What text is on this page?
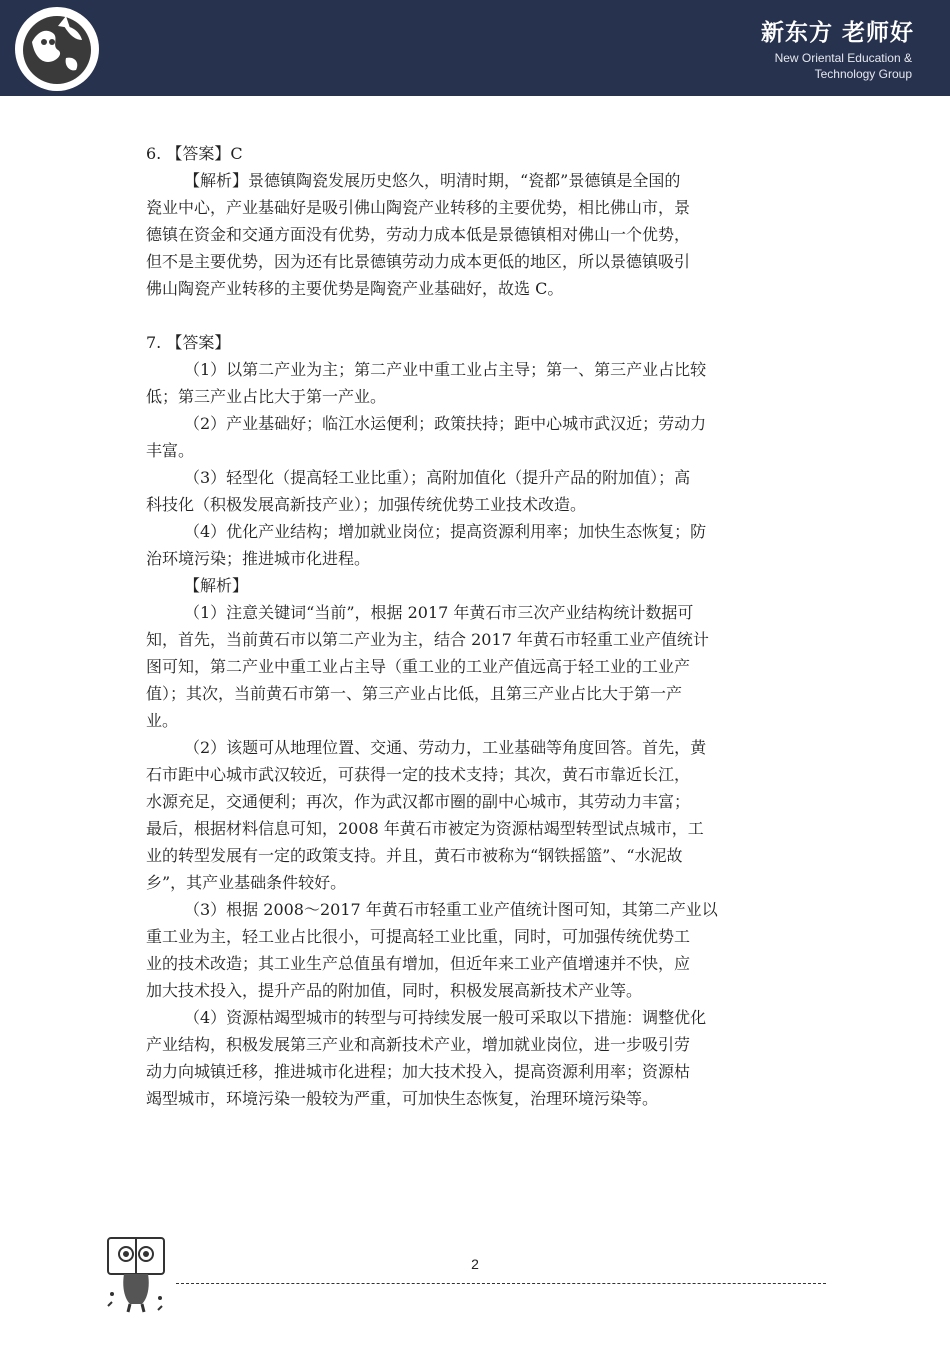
新东方 老师好
New Oriental Education &
Technology Group

6. 【答案】C

【解析】景德镇陶瓷发展历史悠久，明清时期，“瓷都”景德镇是全国的

瓷业中心，产业基础好是吸引佛山陶瓷产业转移的主要优势，相比佛山市，景

德镇在资金和交通方面没有优势，劳动力成本低是景德镇相对佛山一个优势，

但不是主要优势，因为还有比景德镇劳动力成本更低的地区，所以景德镇吸引

佛山陶瓷产业转移的主要优势是陶瓷产业基础好，故选 C。

7. 【答案】

（1）以第二产业为主；第二产业中重工业占主导；第一、第三产业占比较

低；第三产业占比大于第一产业。

（2）产业基础好；临江水运便利；政策扶持；距中心城市武汉近；劳动力

丰富。

（3）轻型化（提高轻工业比重）；高附加值化（提升产品的附加值）；高

科技化（积极发展高新技产业）；加强传统优势工业技术改造。

（4）优化产业结构；增加就业岗位；提高资源利用率；加快生态恢复；防

治环境污染；推进城市化进程。

【解析】

（1）注意关键词“当前”，根据 2017 年黄石市三次产业结构统计数据可

知，首先，当前黄石市以第二产业为主，结合 2017 年黄石市轻重工业产值统计

图可知，第二产业中重工业占主导（重工业的工业产值远高于轻工业的工业产

值）；其次，当前黄石市第一、第三产业占比低，且第三产业占比大于第一产

业。

（2）该题可从地理位置、交通、劳动力，工业基础等角度回答。首先，黄

石市距中心城市武汉较近，可获得一定的技术支持；其次，黄石市靠近长江，

水源充足，交通便利；再次，作为武汉都市圈的副中心城市，其劳动力丰富；

最后，根据材料信息可知，2008 年黄石市被定为资源枯竭型转型试点城市，工

业的转型发展有一定的政策支持。并且，黄石市被称为“钢铁摇篮”、“水泥故

乡”，其产业基础条件较好。

（3）根据 2008～2017 年黄石市轻重工业产值统计图可知，其第二产业以

重工业为主，轻工业占比很小，可提高轻工业比重，同时，可加强传统优势工

业的技术改造；其工业生产总值虽有增加，但近年来工业产值增速并不快，应

加大技术投入，提升产品的附加值，同时，积极发展高新技术产业等。

（4）资源枯竭型城市的转型与可持续发展一般可采取以下措施：调整优化

产业结构，积极发展第三产业和高新技术产业，增加就业岗位，进一步吸引劳

动力向城镇迁移，推进城市化进程；加大技术投入，提高资源利用率；资源枯

竭型城市，环境污染一般较为严重，可加快生态恢复，治理环境污染等。

2
